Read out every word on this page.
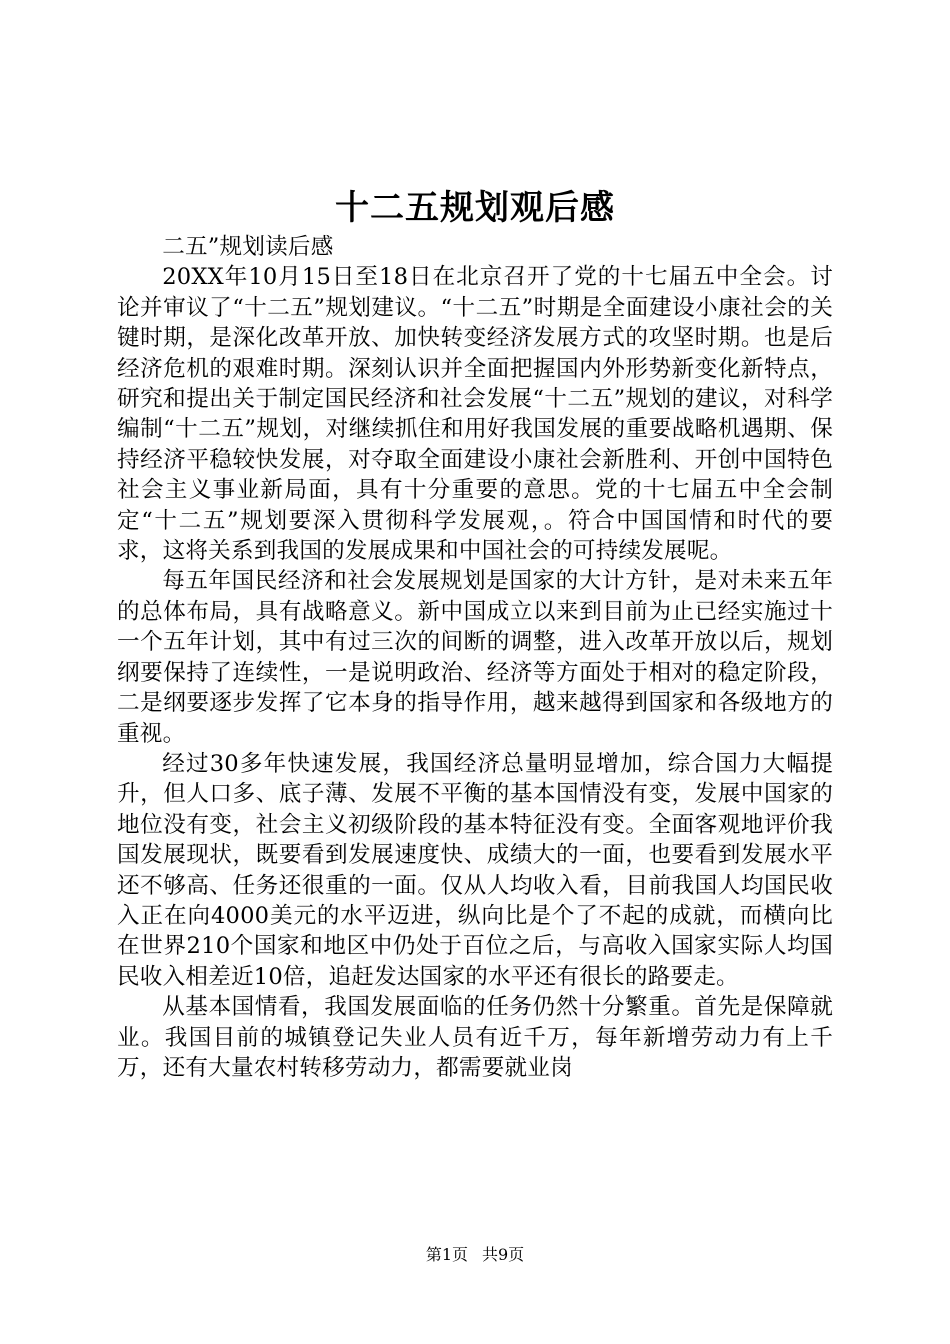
十二五规划观后感

二五”规划读后感

20XX年10月15日至18日在北京召开了党的十七届五中全会。讨论并审议了“十二五”规划建议。“十二五”时期是全面建设小康社会的关键时期，是深化改革开放、加快转变经济发展方式的攻坚时期。也是后经济危机的艰难时期。深刻认识并全面把握国内外形势新变化新特点，研究和提出关于制定国民经济和社会发展“十二五”规划的建议，对科学编制“十二五”规划，对继续抓住和用好我国发展的重要战略机遇期、保持经济平稳较快发展，对夺取全面建设小康社会新胜利、开创中国特色社会主义事业新局面，具有十分重要的意思。党的十七届五中全会制定“十二五”规划要深入贯彻科学发展观，。符合中国国情和时代的要求，这将关系到我国的发展成果和中国社会的可持续发展呢。

每五年国民经济和社会发展规划是国家的大计方针，是对未来五年的总体布局，具有战略意义。新中国成立以来到目前为止已经实施过十一个五年计划，其中有过三次的间断的调整，进入改革开放以后，规划纲要保持了连续性，一是说明政治、经济等方面处于相对的稳定阶段，二是纲要逐步发挥了它本身的指导作用，越来越得到国家和各级地方的重视。

经过30多年快速发展，我国经济总量明显增加，综合国力大幅提升，但人口多、底子薄、发展不平衡的基本国情没有变，发展中国家的地位没有变，社会主义初级阶段的基本特征没有变。全面客观地评价我国发展现状，既要看到发展速度快、成绩大的一面，也要看到发展水平还不够高、任务还很重的一面。仅从人均收入看，目前我国人均国民收入正在向4000美元的水平迈进，纵向比是个了不起的成就，而横向比在世界210个国家和地区中仍处于百位之后，与高收入国家实际人均国民收入相差近10倍，追赶发达国家的水平还有很长的路要走。

从基本国情看，我国发展面临的任务仍然十分繁重。首先是保障就业。我国目前的城镇登记失业人员有近千万，每年新增劳动力有上千万，还有大量农村转移劳动力，都需要就业岗

第1页 共9页
